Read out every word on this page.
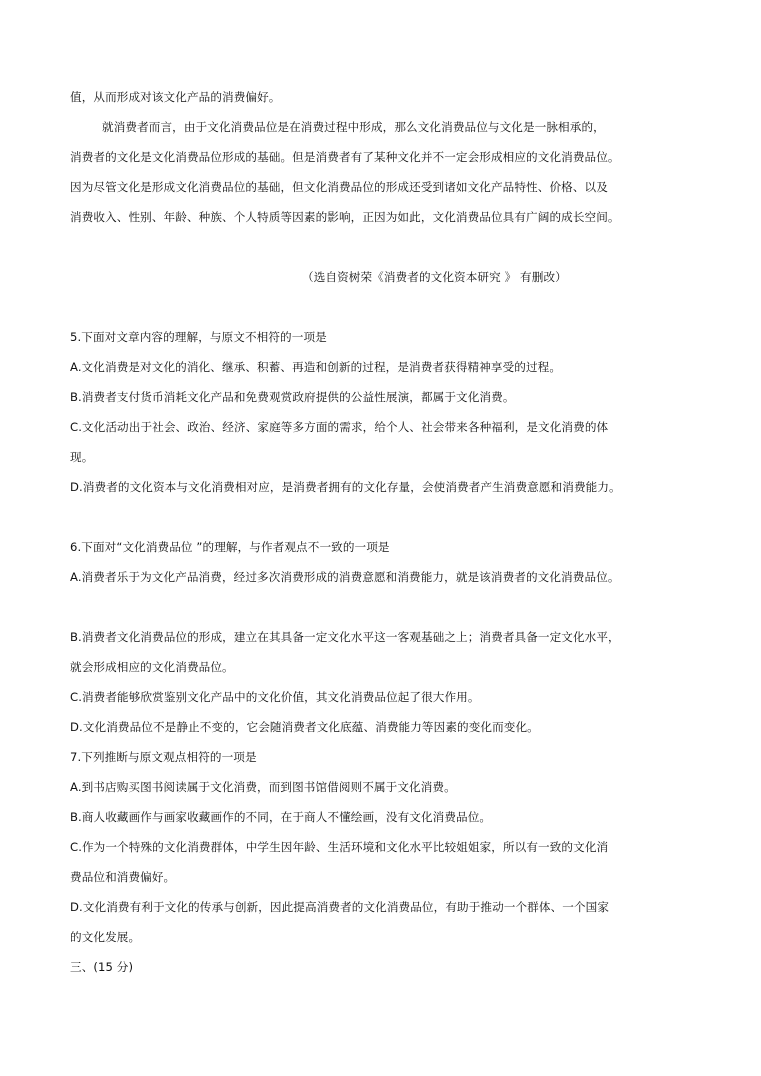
值，从而形成对该文化产品的消费偏好。
就消费者而言，由于文化消费品位是在消费过程中形成，那么文化消费品位与文化是一脉相承的，
消费者的文化是文化消费品位形成的基础。但是消费者有了某种文化并不一定会形成相应的文化消费品位。
因为尽管文化是形成文化消费品位的基础，但文化消费品位的形成还受到诸如文化产品特性、价格、以及
消费收入、性别、年龄、种族、个人特质等因素的影响，正因为如此，文化消费品位具有广阔的成长空间。
（选自资树荣《消费者的文化资本研究 》 有删改）
5.下面对文章内容的理解，与原文不相符的一项是
A.文化消费是对文化的消化、继承、积蓄、再造和创新的过程，是消费者获得精神享受的过程。
B.消费者支付货币消耗文化产品和免费观赏政府提供的公益性展演，都属于文化消费。
C.文化活动出于社会、政治、经济、家庭等多方面的需求，给个人、社会带来各种福利，是文化消费的体
现。
D.消费者的文化资本与文化消费相对应，是消费者拥有的文化存量，会使消费者产生消费意愿和消费能力。
6.下面对“文化消费品位 ”的理解，与作者观点不一致的一项是
A.消费者乐于为文化产品消费，经过多次消费形成的消费意愿和消费能力，就是该消费者的文化消费品位。
B.消费者文化消费品位的形成，建立在其具备一定文化水平这一客观基础之上；消费者具备一定文化水平，
就会形成相应的文化消费品位。
C.消费者能够欣赏鉴别文化产品中的文化价值，其文化消费品位起了很大作用。
D.文化消费品位不是静止不变的，它会随消费者文化底蕴、消费能力等因素的变化而变化。
7.下列推断与原文观点相符的一项是
A.到书店购买图书阅读属于文化消费，而到图书馆借阅则不属于文化消费。
B.商人收藏画作与画家收藏画作的不同，在于商人不懂绘画，没有文化消费品位。
C.作为一个特殊的文化消费群体，中学生因年龄、生活环境和文化水平比较姐姐家，所以有一致的文化消
费品位和消费偏好。
D.文化消费有利于文化的传承与创新，因此提高消费者的文化消费品位，有助于推动一个群体、一个国家
的文化发展。
三、(15 分)
